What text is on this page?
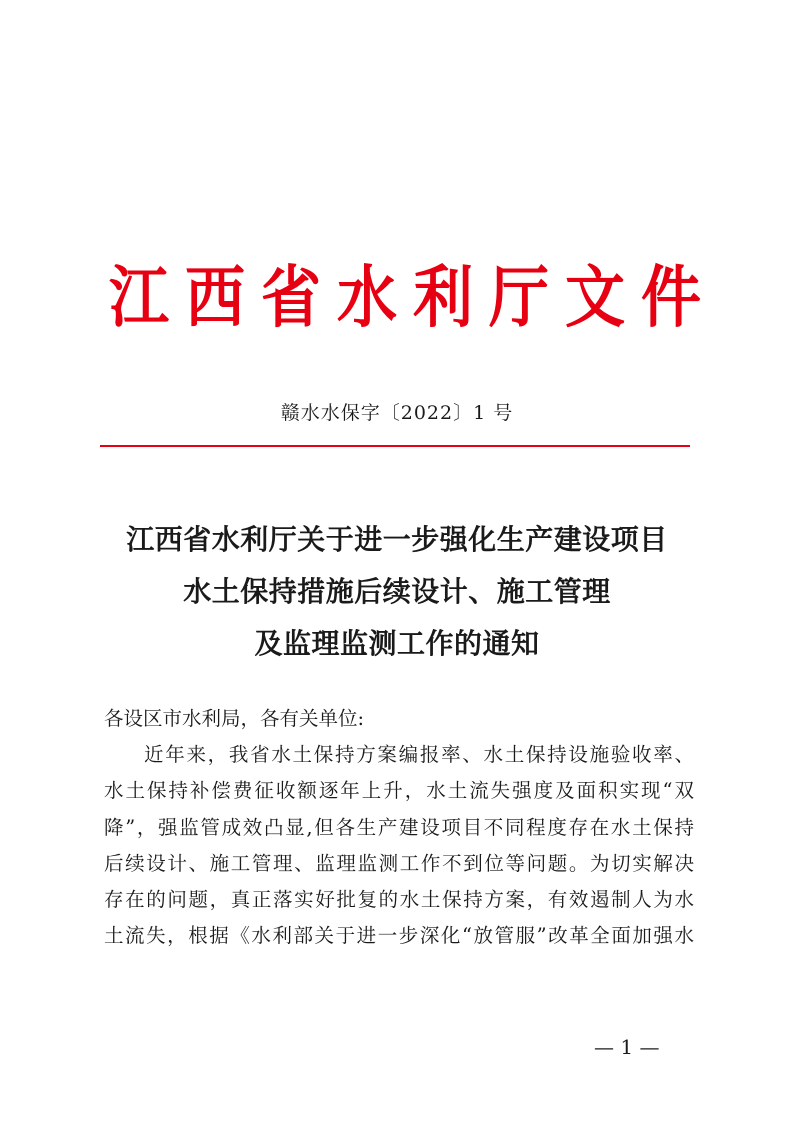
江西省水利厅文件
赣水水保字〔2022〕1 号
江西省水利厅关于进一步强化生产建设项目
水土保持措施后续设计、施工管理
及监理监测工作的通知
各设区市水利局，各有关单位:
近年来，我省水土保持方案编报率、水土保持设施验收率、
水土保持补偿费征收额逐年上升，水土流失强度及面积实现“双
降”，强监管成效凸显,但各生产建设项目不同程度存在水土保持
后续设计、施工管理、监理监测工作不到位等问题。为切实解决
存在的问题，真正落实好批复的水土保持方案，有效遏制人为水
土流失，根据《水利部关于进一步深化“放管服”改革全面加强水
— 1 —
